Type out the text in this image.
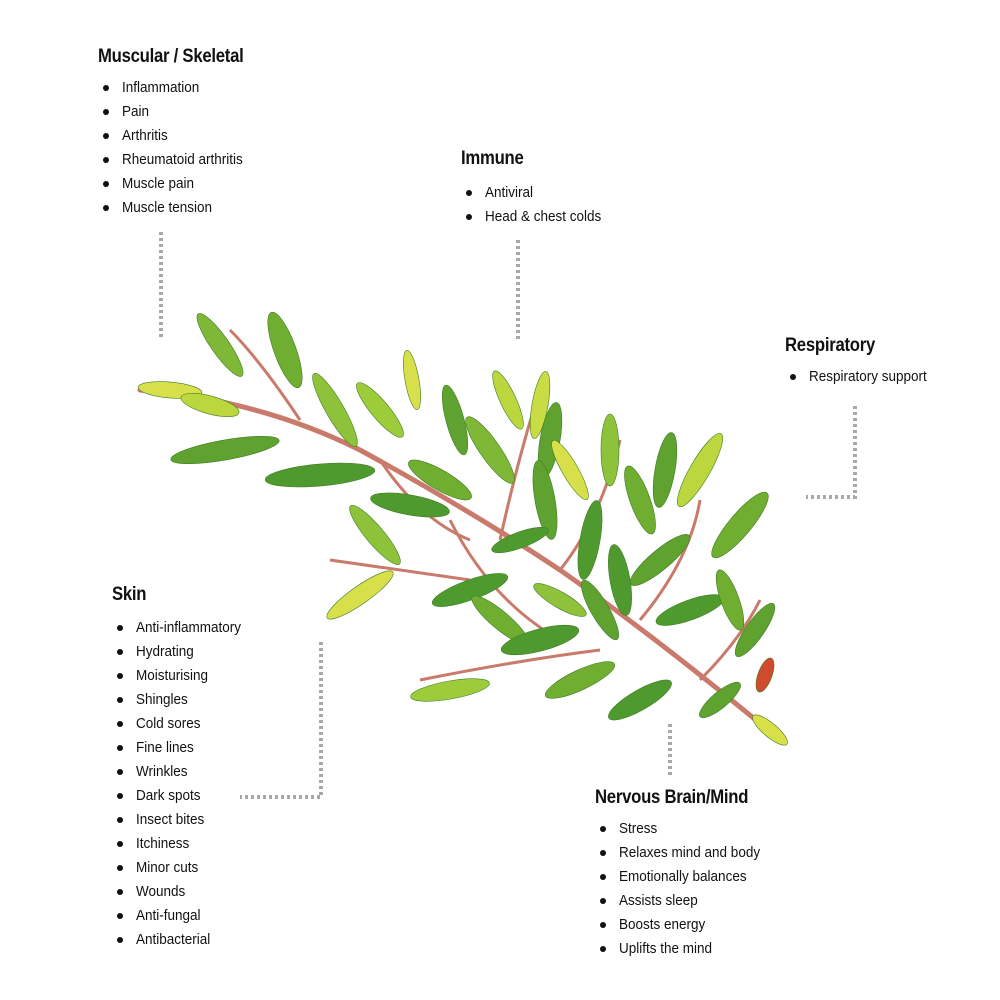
Muscular / Skeletal
Inflammation
Pain
Arthritis
Rheumatoid arthritis
Muscle pain
Muscle tension
Immune
Antiviral
Head & chest colds
Respiratory
Respiratory support
Skin
Anti-inflammatory
Hydrating
Moisturising
Shingles
Cold sores
Fine lines
Wrinkles
Dark spots
Insect bites
Itchiness
Minor cuts
Wounds
Anti-fungal
Antibacterial
Nervous Brain/Mind
Stress
Relaxes mind and body
Emotionally balances
Assists sleep
Boosts energy
Uplifts the mind
